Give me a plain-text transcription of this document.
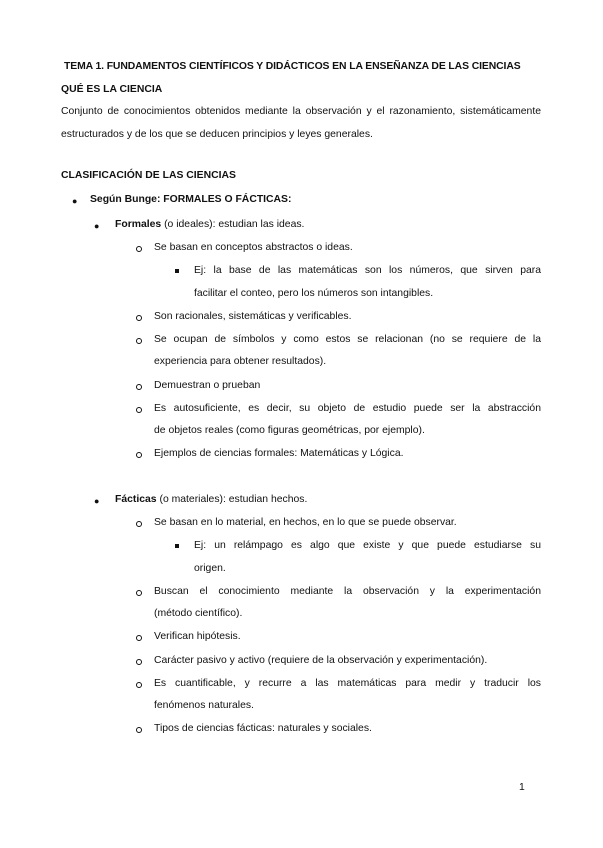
TEMA 1. FUNDAMENTOS CIENTÍFICOS Y DIDÁCTICOS EN LA ENSEÑANZA DE LAS CIENCIAS
QUÉ ES LA CIENCIA
Conjunto de conocimientos obtenidos mediante la observación y el razonamiento, sistemáticamente estructurados y de los que se deducen principios y leyes generales.
CLASIFICACIÓN DE LAS CIENCIAS
● Según Bunge: FORMALES O FÁCTICAS:
● Formales (o ideales): estudian las ideas.
Se basan en conceptos abstractos o ideas.
Ej: la base de las matemáticas son los números, que sirven para
facilitar el conteo, pero los números son intangibles.
Son racionales, sistemáticas y verificables.
Se ocupan de símbolos y como estos se relacionan (no se requiere de la
experiencia para obtener resultados).
Demuestran o prueban
Es autosuficiente, es decir, su objeto de estudio puede ser la abstracción
de objetos reales (como figuras geométricas, por ejemplo).
Ejemplos de ciencias formales: Matemáticas y Lógica.
● Fácticas (o materiales): estudian hechos.
Se basan en lo material, en hechos, en lo que se puede observar.
Ej: un relámpago es algo que existe y que puede estudiarse su
origen.
Buscan el conocimiento mediante la observación y la experimentación
(método científico).
Verifican hipótesis.
Carácter pasivo y activo (requiere de la observación y experimentación).
Es cuantificable, y recurre a las matemáticas para medir y traducir los
fenómenos naturales.
Tipos de ciencias fácticas: naturales y sociales.
1
